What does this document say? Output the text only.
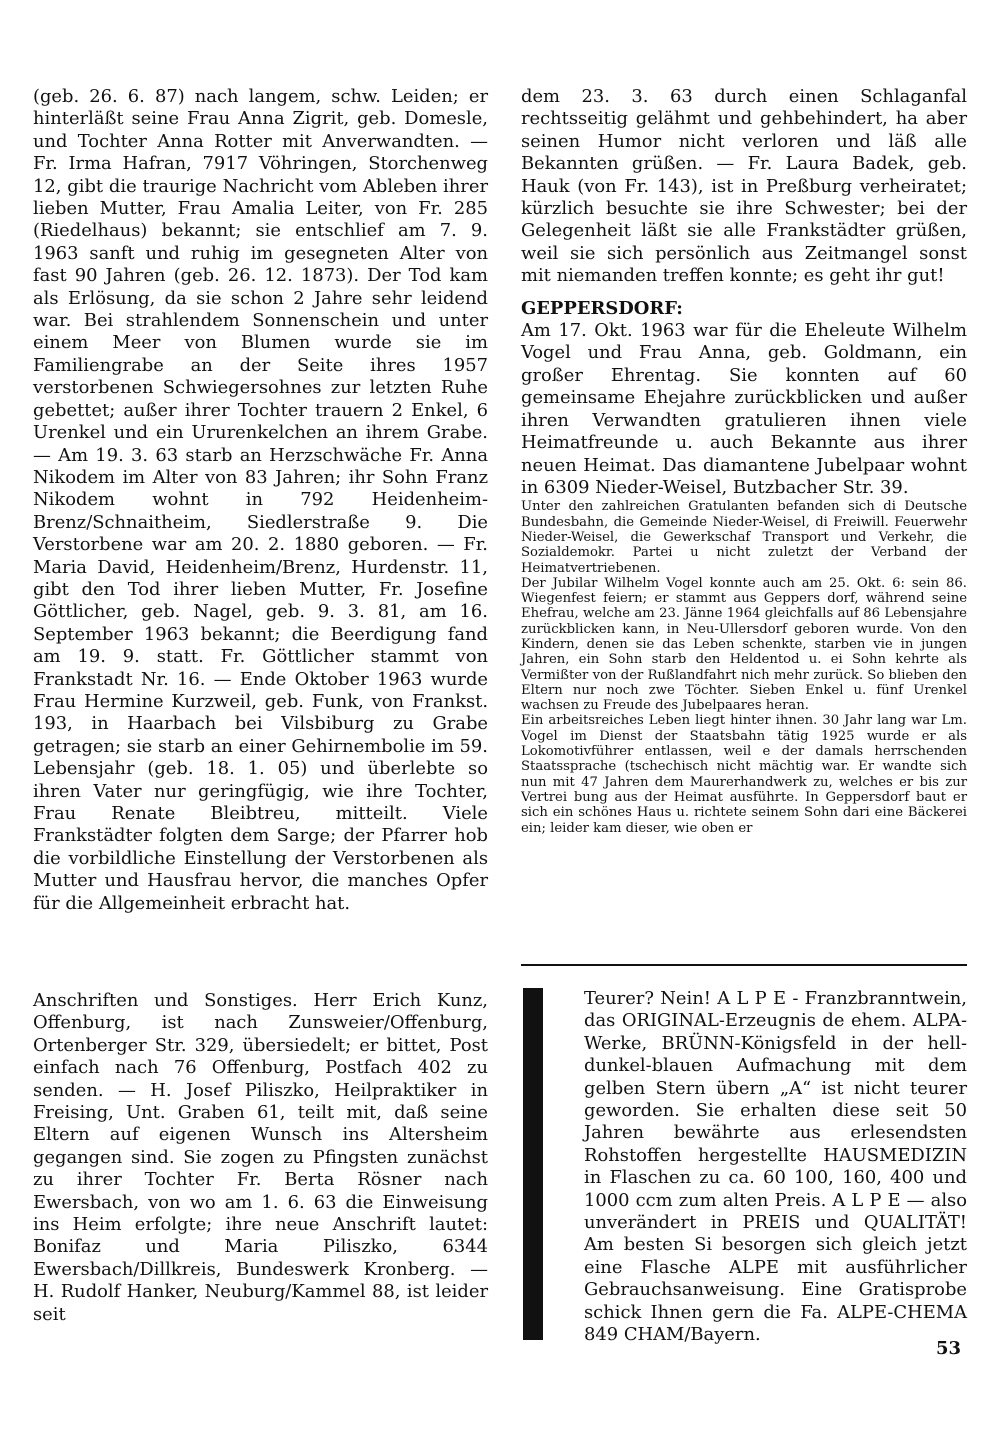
(geb. 26. 6. 87) nach langem, schw. Leiden; er hinterläßt seine Frau Anna Zigrit, geb. Domesle, und Tochter Anna Rotter mit Anverwandten. — Fr. Irma Hafran, 7917 Vöhringen, Storchenweg 12, gibt die traurige Nachricht vom Ableben ihrer lieben Mutter, Frau Amalia Leiter, von Fr. 285 (Riedelhaus) bekannt; sie entschlief am 7. 9. 1963 sanft und ruhig im gesegneten Alter von fast 90 Jahren (geb. 26. 12. 1873). Der Tod kam als Erlösung, da sie schon 2 Jahre sehr leidend war. Bei strahlendem Sonnenschein und unter einem Meer von Blumen wurde sie im Familiengrabe an der Seite ihres 1957 verstorbenen Schwiegersohnes zur letzten Ruhe gebettet; außer ihrer Tochter trauern 2 Enkel, 6 Urenkel und ein Ururenkelchen an ihrem Grabe. — Am 19. 3. 63 starb an Herzschwäche Fr. Anna Nikodem im Alter von 83 Jahren; ihr Sohn Franz Nikodem wohnt in 792 Heidenheim-Brenz/Schnaitheim, Siedlerstraße 9. Die Verstorbene war am 20. 2. 1880 geboren. — Fr. Maria David, Heidenheim/Brenz, Hurdenstr. 11, gibt den Tod ihrer lieben Mutter, Fr. Josefine Göttlicher, geb. Nagel, geb. 9. 3. 81, am 16. September 1963 bekannt; die Beerdigung fand am 19. 9. statt. Fr. Göttlicher stammt von Frankstadt Nr. 16. — Ende Oktober 1963 wurde Frau Hermine Kurzweil, geb. Funk, von Frankst. 193, in Haarbach bei Vilsbiburg zu Grabe getragen; sie starb an einer Gehirnembolie im 59. Lebensjahr (geb. 18. 1. 05) und überlebte so ihren Vater nur geringfügig, wie ihre Tochter, Frau Renate Bleibtreu, mitteilt. Viele Frankstädter folgten dem Sarge; der Pfarrer hob die vorbildliche Einstellung der Verstorbenen als Mutter und Hausfrau hervor, die manches Opfer für die Allgemeinheit erbracht hat.

Anschriften und Sonstiges. Herr Erich Kunz, Offenburg, ist nach Zunsweier/Offenburg, Ortenberger Str. 329, übersiedelt; er bittet, Post einfach nach 76 Offenburg, Postfach 402 zu senden. — H. Josef Piliszko, Heilpraktiker in Freising, Unt. Graben 61, teilt mit, daß seine Eltern auf eigenen Wunsch ins Altersheim gegangen sind. Sie zogen zu Pfingsten zunächst zu ihrer Tochter Fr. Berta Rösner nach Ewersbach, von wo am 1. 6. 63 die Einweisung ins Heim erfolgte; ihre neue Anschrift lautet: Bonifaz und Maria Piliszko, 6344 Ewersbach/Dillkreis, Bundeswerk Kronberg. — H. Rudolf Hanker, Neuburg/Kammel 88, ist leider seit

dem 23. 3. 63 durch einen Schlaganfal rechtsseitig gelähmt und gehbehindert, ha aber seinen Humor nicht verloren und läß alle Bekannten grüßen. — Fr. Laura Badek, geb. Hauk (von Fr. 143), ist in Preßburg verheiratet; kürzlich besuchte sie ihre Schwester; bei der Gelegenheit läßt sie alle Frankstädter grüßen, weil sie sich persönlich aus Zeitmangel sonst mit niemanden treffen konnte; es geht ihr gut!

GEPPERSDORF:

Am 17. Okt. 1963 war für die Eheleute Wilhelm Vogel und Frau Anna, geb. Goldmann, ein großer Ehrentag. Sie konnten auf 60 gemeinsame Ehejahre zurückblicken und außer ihren Verwandten gratulieren ihnen viele Heimatfreunde u. auch Bekannte aus ihrer neuen Heimat. Das diamantene Jubelpaar wohnt in 6309 Nieder-Weisel, Butzbacher Str. 39.

Unter den zahlreichen Gratulanten befanden sich di Deutsche Bundesbahn, die Gemeinde Nieder-Weisel, di Freiwill. Feuerwehr Nieder-Weisel, die Gewerkschaf Transport und Verkehr, die Sozialdemokr. Partei u nicht zuletzt der Verband der Heimatvertriebenen.

Der Jubilar Wilhelm Vogel konnte auch am 25. Okt. 6: sein 86. Wiegenfest feiern; er stammt aus Geppers dorf, während seine Ehefrau, welche am 23. Jänne 1964 gleichfalls auf 86 Lebensjahre zurückblicken kann, in Neu-Ullersdorf geboren wurde. Von den Kindern, denen sie das Leben schenkte, starben vie in jungen Jahren, ein Sohn starb den Heldentod u. ei Sohn kehrte als Vermißter von der Rußlandfahrt nich mehr zurück. So blieben den Eltern nur noch zwe Töchter. Sieben Enkel u. fünf Urenkel wachsen zu Freude des Jubelpaares heran.

Ein arbeitsreiches Leben liegt hinter ihnen. 30 Jahr lang war Lm. Vogel im Dienst der Staatsbahn tätig 1925 wurde er als Lokomotivführer entlassen, weil e der damals herrschenden Staatssprache (tschechisch nicht mächtig war. Er wandte sich nun mit 47 Jahren dem Maurerhandwerk zu, welches er bis zur Vertrei bung aus der Heimat ausführte. In Geppersdorf baut er sich ein schönes Haus u. richtete seinem Sohn dari eine Bäckerei ein; leider kam dieser, wie oben er

Teurer? Nein! A L P E - Franzbranntwein, das ORIGINAL-Erzeugnis de ehem. ALPA-Werke, BRÜNN-Königsfeld in der hell-dunkel-blauen Aufmachung mit dem gelben Stern übern „A“ ist nicht teurer geworden. Sie erhalten diese seit 50 Jahren bewährte aus erlesendsten Rohstoffen hergestellte HAUSMEDIZIN in Flaschen zu ca. 60 100, 160, 400 und 1000 ccm zum alten Preis. A L P E — also unverändert in PREIS und QUALITÄT! Am besten Si besorgen sich gleich jetzt eine Flasche ALPE mit ausführlicher Gebrauchsanweisung. Eine Gratisprobe schick Ihnen gern die Fa. ALPE-CHEMA 849 CHAM/Bayern.

53
